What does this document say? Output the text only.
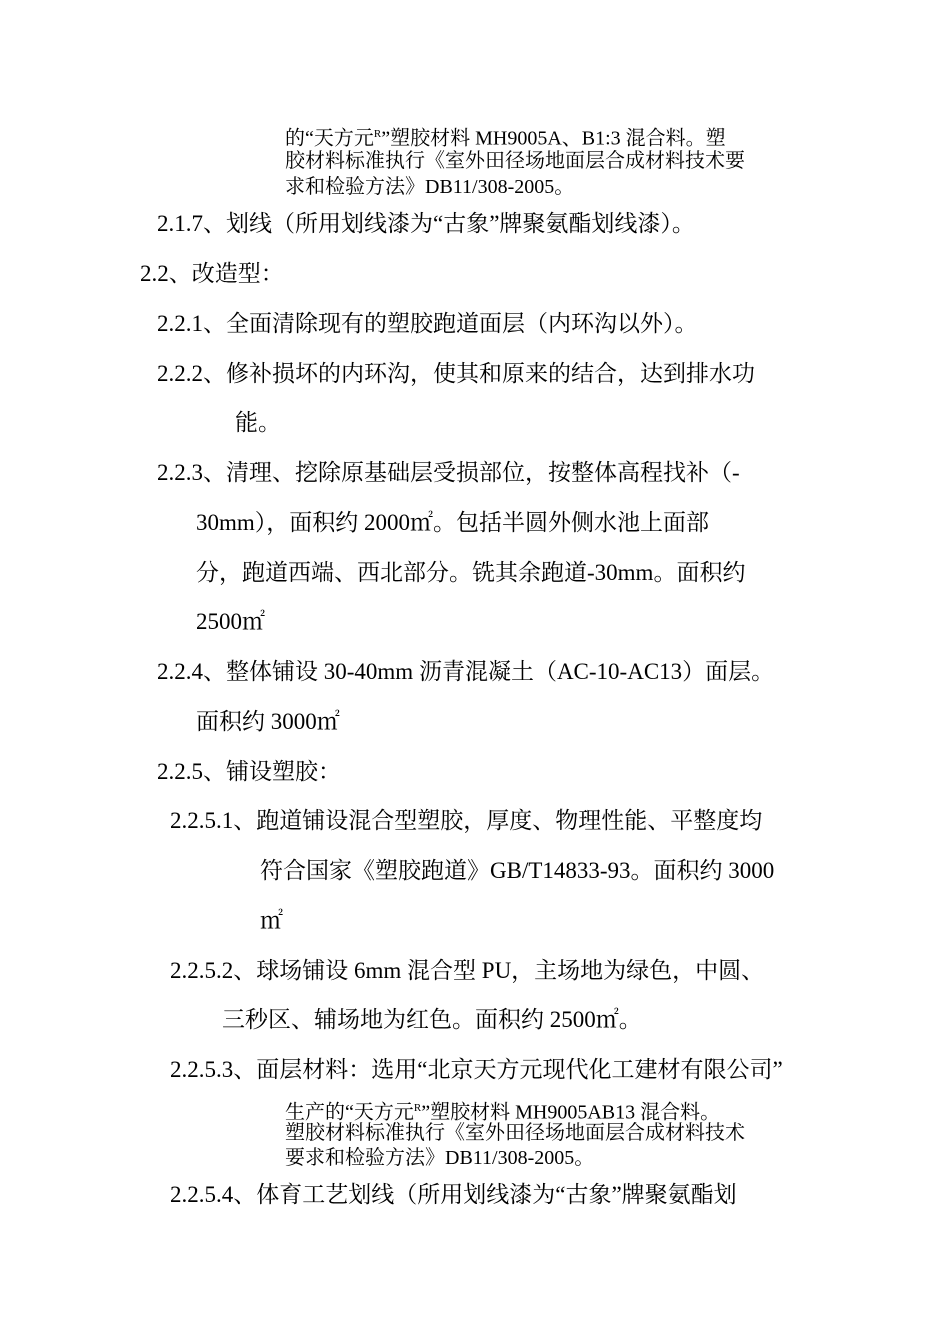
的“天方元$^R$”塑胶材料 MH9005A、B1:3 混合料。塑
胶材料标准执行《室外田径场地面层合成材料技术要
求和检验方法》DB11/308-2005。
2.1.7、划线（所用划线漆为“古象”牌聚氨酯划线漆）。
2.2、改造型：
2.2.1、全面清除现有的塑胶跑道面层（内环沟以外）。
2.2.2、修补损坏的内环沟，使其和原来的结合，达到排水功
能。
2.2.3、清理、挖除原基础层受损部位，按整体高程找补（-
30mm），面积约 2000㎡。包括半圆外侧水池上面部
分，跑道西端、西北部分。铣其余跑道-30mm。面积约
2500㎡
2.2.4、整体铺设 30-40mm 沥青混凝土（AC-10-AC13）面层。
面积约 3000㎡
2.2.5、铺设塑胶：
2.2.5.1、跑道铺设混合型塑胶，厚度、物理性能、平整度均
符合国家《塑胶跑道》GB/T14833-93。面积约 3000
㎡
2.2.5.2、球场铺设 6mm 混合型 PU，主场地为绿色，中圆、
三秒区、辅场地为红色。面积约 2500㎡。
2.2.5.3、面层材料：选用“北京天方元现代化工建材有限公司”
生产的“天方元$^R$”塑胶材料 MH9005AB13 混合料。
塑胶材料标准执行《室外田径场地面层合成材料技术
要求和检验方法》DB11/308-2005。
2.2.5.4、体育工艺划线（所用划线漆为“古象”牌聚氨酯划
